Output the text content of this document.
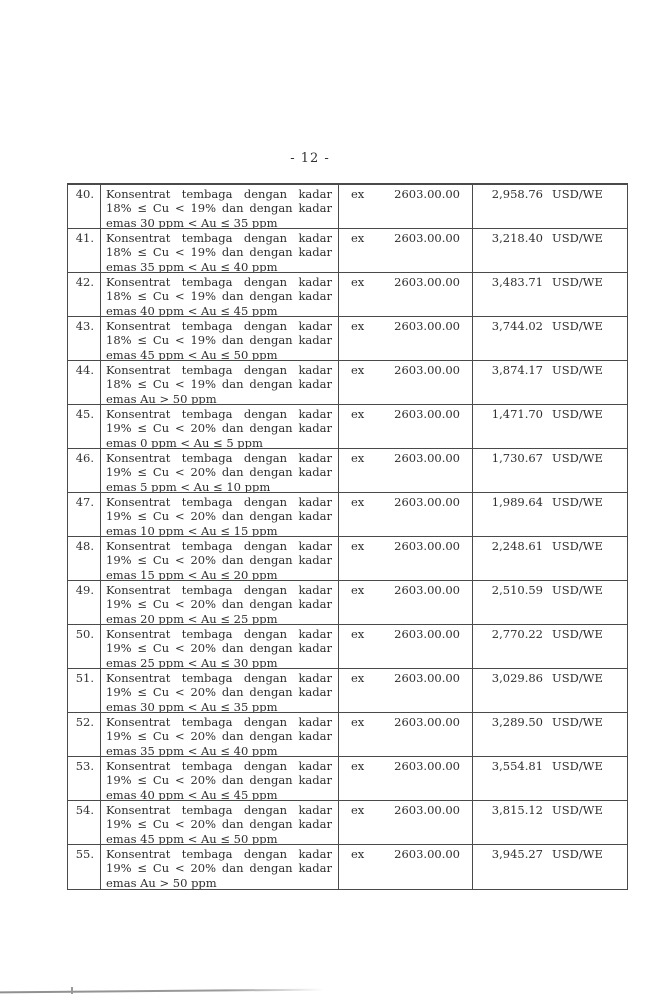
- 12 -
40.	Konsentrat tembaga dengan kadar
18% ≤ Cu < 19% dan dengan kadar
emas 30 ppm < Au ≤ 35 ppm
ex	2603.00.00	2,958.76 USD/WE
41.	Konsentrat tembaga dengan kadar
18% ≤ Cu < 19% dan dengan kadar
emas 35 ppm < Au ≤ 40 ppm
ex	2603.00.00	3,218.40 USD/WE
42.	Konsentrat tembaga dengan kadar
18% ≤ Cu < 19% dan dengan kadar
emas 40 ppm < Au ≤ 45 ppm
ex	2603.00.00	3,483.71 USD/WE
43.	Konsentrat tembaga dengan kadar
18% ≤ Cu < 19% dan dengan kadar
emas 45 ppm < Au ≤ 50 ppm
ex	2603.00.00	3,744.02 USD/WE
44.	Konsentrat tembaga dengan kadar
18% ≤ Cu < 19% dan dengan kadar
emas Au > 50 ppm
ex	2603.00.00	3,874.17 USD/WE
45.	Konsentrat tembaga dengan kadar
19% ≤ Cu < 20% dan dengan kadar
emas 0 ppm < Au ≤ 5 ppm
ex	2603.00.00	1,471.70 USD/WE
46.	Konsentrat tembaga dengan kadar
19% ≤ Cu < 20% dan dengan kadar
emas 5 ppm < Au ≤ 10 ppm
ex	2603.00.00	1,730.67 USD/WE
47.	Konsentrat tembaga dengan kadar
19% ≤ Cu < 20% dan dengan kadar
emas 10 ppm < Au ≤ 15 ppm
ex	2603.00.00	1,989.64 USD/WE
48.	Konsentrat tembaga dengan kadar
19% ≤ Cu < 20% dan dengan kadar
emas 15 ppm < Au ≤ 20 ppm
ex	2603.00.00	2,248.61 USD/WE
49.	Konsentrat tembaga dengan kadar
19% ≤ Cu < 20% dan dengan kadar
emas 20 ppm < Au ≤ 25 ppm
ex	2603.00.00	2,510.59 USD/WE
50.	Konsentrat tembaga dengan kadar
19% ≤ Cu < 20% dan dengan kadar
emas 25 ppm < Au ≤ 30 ppm
ex	2603.00.00	2,770.22 USD/WE
51.	Konsentrat tembaga dengan kadar
19% ≤ Cu < 20% dan dengan kadar
emas 30 ppm < Au ≤ 35 ppm
ex	2603.00.00	3,029.86 USD/WE
52.	Konsentrat tembaga dengan kadar
19% ≤ Cu < 20% dan dengan kadar
emas 35 ppm < Au ≤ 40 ppm
ex	2603.00.00	3,289.50 USD/WE
53.	Konsentrat tembaga dengan kadar
19% ≤ Cu < 20% dan dengan kadar
emas 40 ppm < Au ≤ 45 ppm
ex	2603.00.00	3,554.81 USD/WE
54.	Konsentrat tembaga dengan kadar
19% ≤ Cu < 20% dan dengan kadar
emas 45 ppm < Au ≤ 50 ppm
ex	2603.00.00	3,815.12 USD/WE
55.	Konsentrat tembaga dengan kadar
19% ≤ Cu < 20% dan dengan kadar
emas Au > 50 ppm
ex	2603.00.00	3,945.27 USD/WE
